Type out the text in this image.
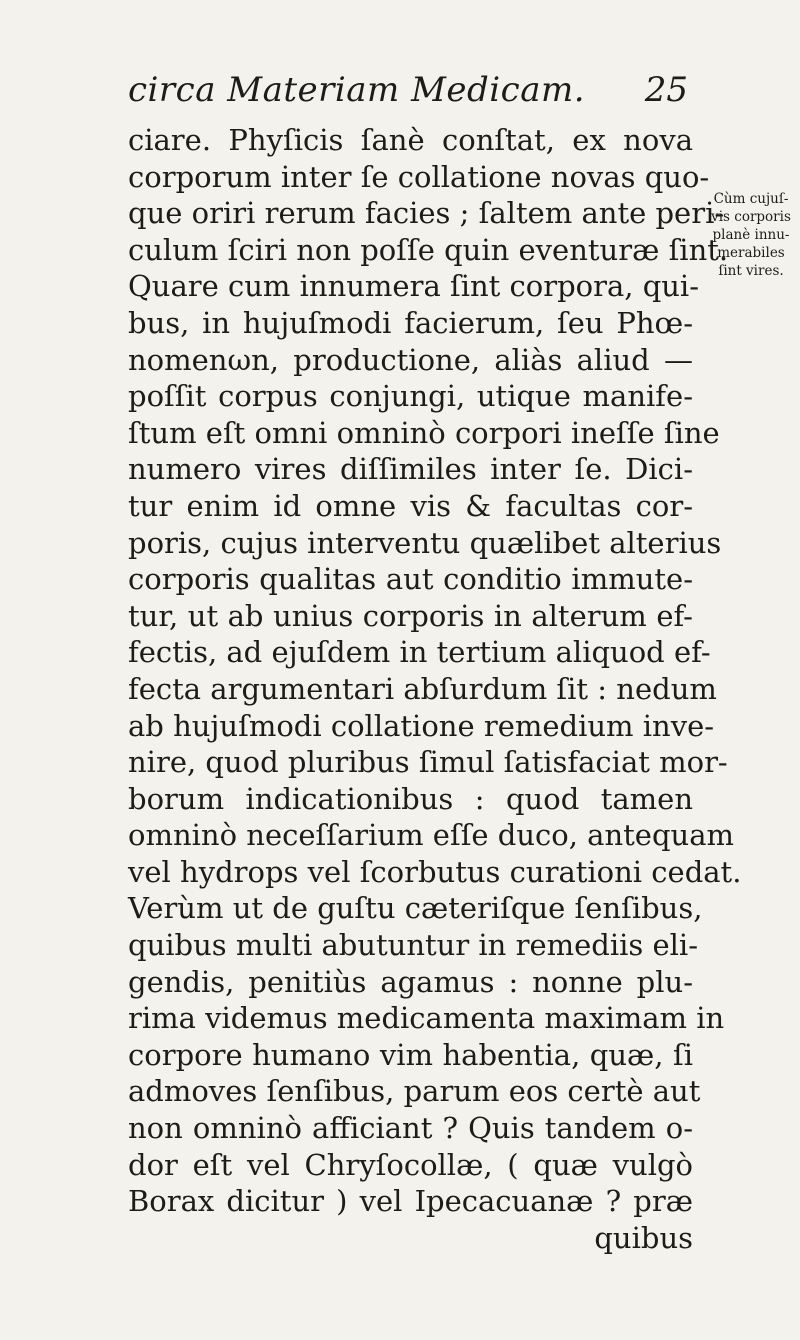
circa Materiam Medicam. 25
ciare. Phyſicis ſanè conſtat, ex nova
corporum inter ſe collatione novas quo-
que oriri rerum facies ; ſaltem ante peri-
culum ſciri non poſſe quin eventuræ ſint.
Quare cum innumera ſint corpora, qui-
bus, in hujuſmodi facierum, ſeu Phœ-
nomenωn, productione, aliàs aliud —
poſſit corpus conjungi, utique manife-
ſtum eſt omni omninò corpori ineſſe ſine
numero vires diſſimiles inter ſe. Dici-
tur enim id omne vis & facultas cor-
poris, cujus interventu quælibet alterius
corporis qualitas aut conditio immute-
tur, ut ab unius corporis in alterum ef-
fectis, ad ejuſdem in tertium aliquod ef-
fecta argumentari abſurdum ſit : nedum
ab hujuſmodi collatione remedium inve-
nire, quod pluribus ſimul ſatisfaciat mor-
borum indicationibus : quod tamen
omninò neceſſarium eſſe duco, antequam
vel hydrops vel ſcorbutus curationi cedat.
Verùm ut de guſtu cæteriſque ſenſibus,
quibus multi abutuntur in remediis eli-
gendis, penitiùs agamus : nonne plu-
rima videmus medicamenta maximam in
corpore humano vim habentia, quæ, ſi
admoves ſenſibus, parum eos certè aut
non omninò afficiant ? Quis tandem o-
dor eſt vel Chryſocollæ, ( quæ vulgò
Borax dicitur ) vel Ipecacuanæ ? præ
quibus
Cùm cujuſ-
vis corporis
planè innu-
merabiles
ſint vires.
